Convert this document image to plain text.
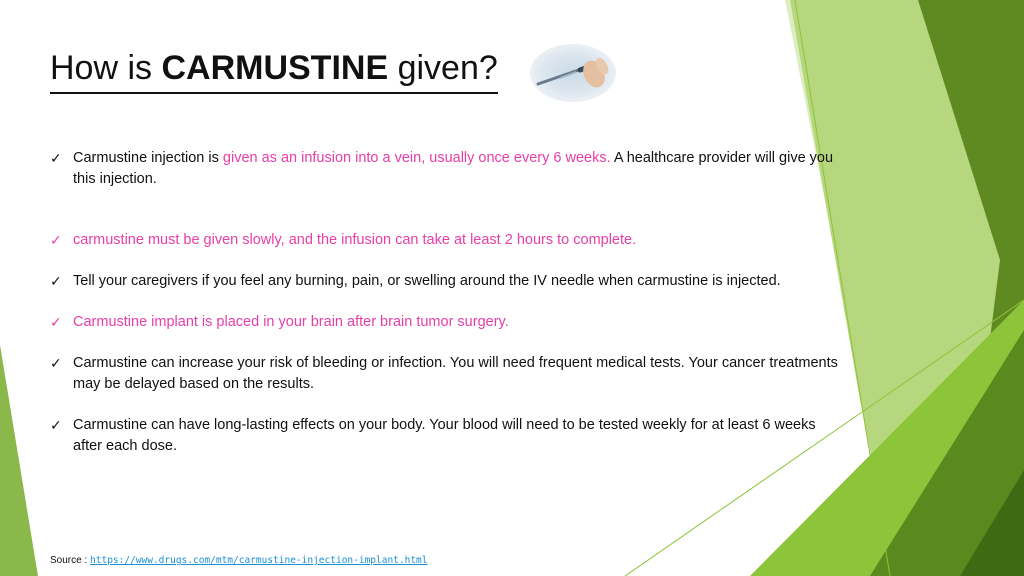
How is CARMUSTINE given?
✓ Carmustine injection is given as an infusion into a vein, usually once every 6 weeks. A healthcare provider will give you this injection.
✓ carmustine must be given slowly, and the infusion can take at least 2 hours to complete.
✓ Tell your caregivers if you feel any burning, pain, or swelling around the IV needle when carmustine is injected.
✓ Carmustine implant is placed in your brain after brain tumor surgery.
✓ Carmustine can increase your risk of bleeding or infection. You will need frequent medical tests. Your cancer treatments may be delayed based on the results.
✓ Carmustine can have long-lasting effects on your body. Your blood will need to be tested weekly for at least 6 weeks after each dose.
Source : https://www.drugs.com/mtm/carmustine-injection-implant.html
